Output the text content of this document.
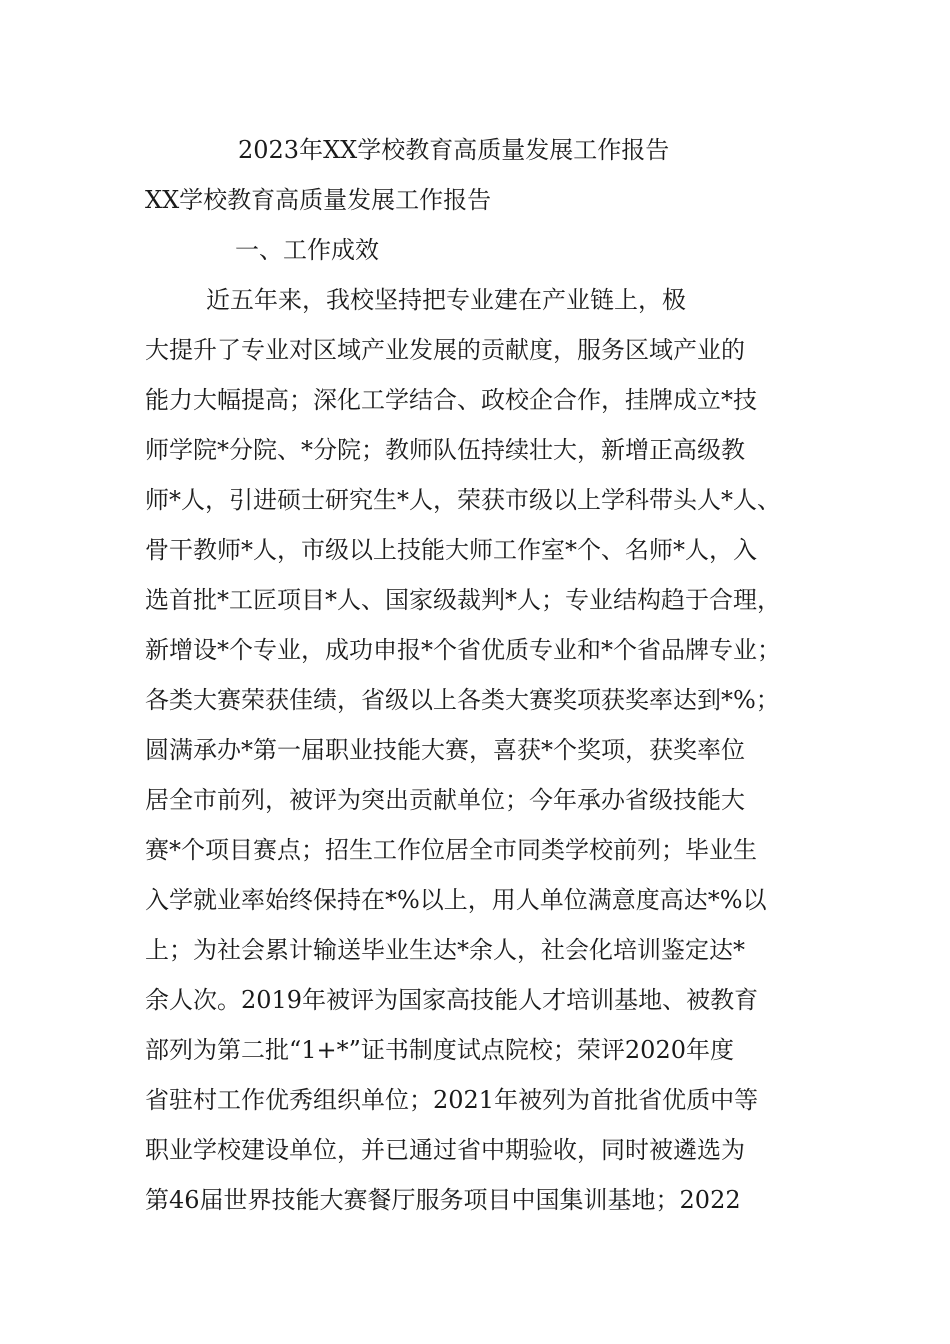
2023年XX学校教育高质量发展工作报告
XX学校教育高质量发展工作报告
一、工作成效
近五年来，我校坚持把专业建在产业链上，极
大提升了专业对区域产业发展的贡献度，服务区域产业的
能力大幅提高；深化工学结合、政校企合作，挂牌成立*技
师学院*分院、*分院；教师队伍持续壮大，新增正高级教
师*人，引进硕士研究生*人，荣获市级以上学科带头人*人、
骨干教师*人，市级以上技能大师工作室*个、名师*人，入
选首批*工匠项目*人、国家级裁判*人；专业结构趋于合理，
新增设*个专业，成功申报*个省优质专业和*个省品牌专业；
各类大赛荣获佳绩，省级以上各类大赛奖项获奖率达到*%；
圆满承办*第一届职业技能大赛，喜获*个奖项，获奖率位
居全市前列，被评为突出贡献单位；今年承办省级技能大
赛*个项目赛点；招生工作位居全市同类学校前列；毕业生
入学就业率始终保持在*%以上，用人单位满意度高达*%以
上；为社会累计输送毕业生达*余人，社会化培训鉴定达*
余人次。2019年被评为国家高技能人才培训基地、被教育
部列为第二批“1+*”证书制度试点院校；荣评2020年度
省驻村工作优秀组织单位；2021年被列为首批省优质中等
职业学校建设单位，并已通过省中期验收，同时被遴选为
第46届世界技能大赛餐厅服务项目中国集训基地；2022
